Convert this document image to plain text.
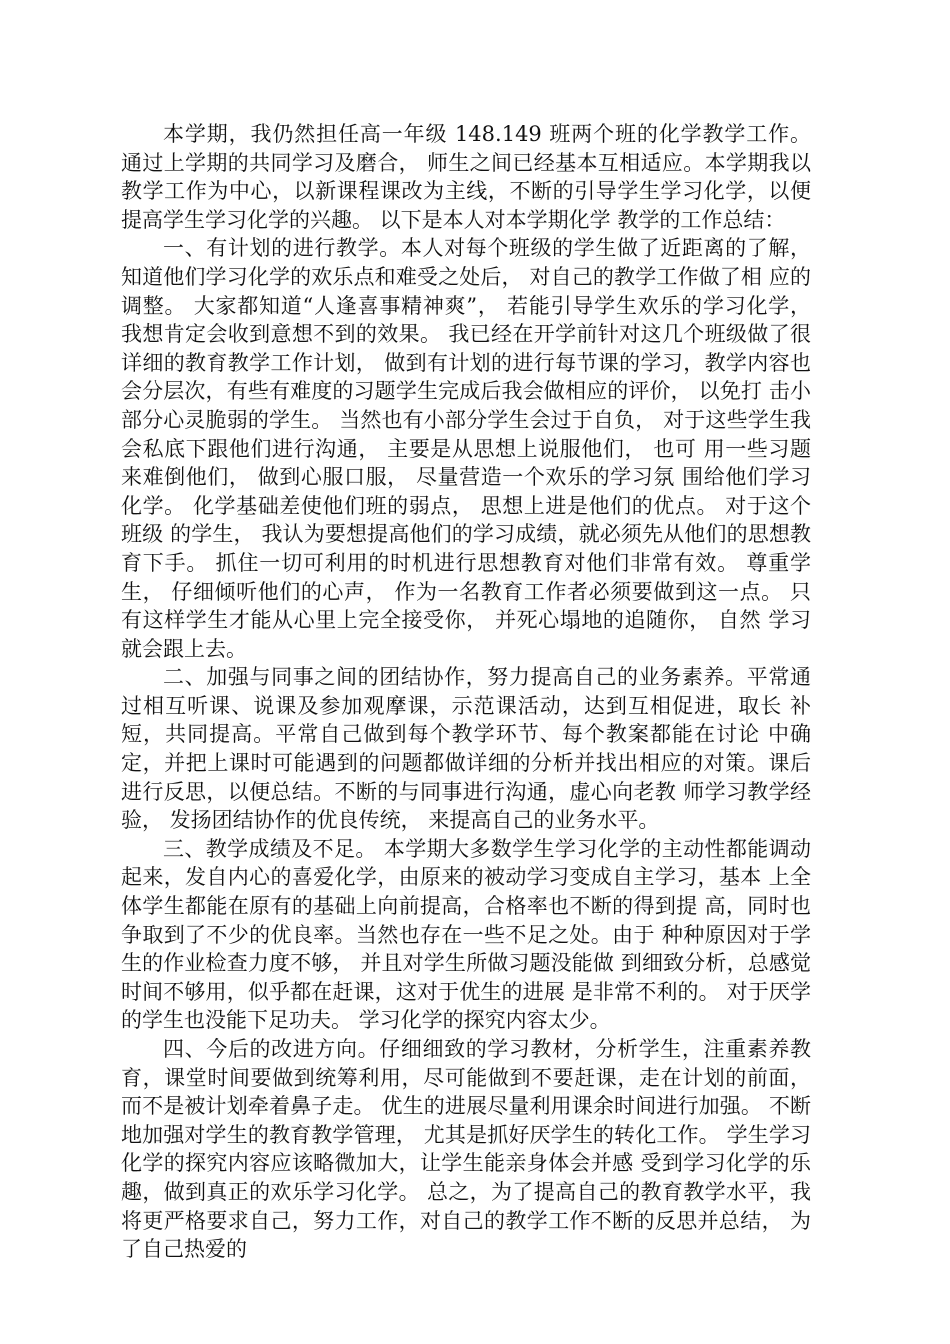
本学期，我仍然担任高一年级 148.149 班两个班的化学教学工作。 通过上学期的共同学习及磨合， 师生之间已经基本互相适应。本学期我以教学工作为中心，以新课程课改为主线，不断的引导学生学习化学，以便提高学生学习化学的兴趣。 以下是本人对本学期化学 教学的工作总结：

一、有计划的进行教学。本人对每个班级的学生做了近距离的了解， 知道他们学习化学的欢乐点和难受之处后， 对自己的教学工作做了相 应的调整。 大家都知道“人逢喜事精神爽”， 若能引导学生欢乐的学习化学， 我想肯定会收到意想不到的效果。 我已经在开学前针对这几个班级做了很详细的教育教学工作计划， 做到有计划的进行每节课的学习，教学内容也会分层次，有些有难度的习题学生完成后我会做相应的评价， 以免打 击小部分心灵脆弱的学生。 当然也有小部分学生会过于自负， 对于这些学生我会私底下跟他们进行沟通， 主要是从思想上说服他们， 也可 用一些习题来难倒他们， 做到心服口服， 尽量营造一个欢乐的学习氛 围给他们学习化学。 化学基础差使他们班的弱点， 思想上进是他们的优点。 对于这个班级 的学生， 我认为要想提高他们的学习成绩，就必须先从他们的思想教 育下手。 抓住一切可利用的时机进行思想教育对他们非常有效。 尊重学生， 仔细倾听他们的心声， 作为一名教育工作者必须要做到这一点。 只有这样学生才能从心里上完全接受你， 并死心塌地的追随你， 自然 学习就会跟上去。

二、加强与同事之间的团结协作，努力提高自己的业务素养。平常通 过相互听课、说课及参加观摩课，示范课活动，达到互相促进，取长 补短，共同提高。平常自己做到每个教学环节、每个教案都能在讨论 中确定，并把上课时可能遇到的问题都做详细的分析并找出相应的对策。课后进行反思，以便总结。不断的与同事进行沟通，虚心向老教 师学习教学经验， 发扬团结协作的优良传统， 来提高自己的业务水平。

三、教学成绩及不足。 本学期大多数学生学习化学的主动性都能调动起来，发自内心的喜爱化学，由原来的被动学习变成自主学习，基本 上全体学生都能在原有的基础上向前提高，合格率也不断的得到提 高，同时也争取到了不少的优良率。当然也存在一些不足之处。由于 种种原因对于学生的作业检查力度不够， 并且对学生所做习题没能做 到细致分析，总感觉时间不够用，似乎都在赶课，这对于优生的进展 是非常不利的。 对于厌学的学生也没能下足功夫。 学习化学的探究内容太少。

四、今后的改进方向。仔细细致的学习教材，分析学生，注重素养教育，课堂时间要做到统筹利用，尽可能做到不要赶课，走在计划的前面， 而不是被计划牵着鼻子走。 优生的进展尽量利用课余时间进行加强。 不断地加强对学生的教育教学管理， 尤其是抓好厌学生的转化工作。 学生学习化学的探究内容应该略微加大，让学生能亲身体会并感 受到学习化学的乐趣，做到真正的欢乐学习化学。 总之，为了提高自己的教育教学水平，我将更严格要求自己，努力工作，对自己的教学工作不断的反思并总结， 为了自己热爱的
